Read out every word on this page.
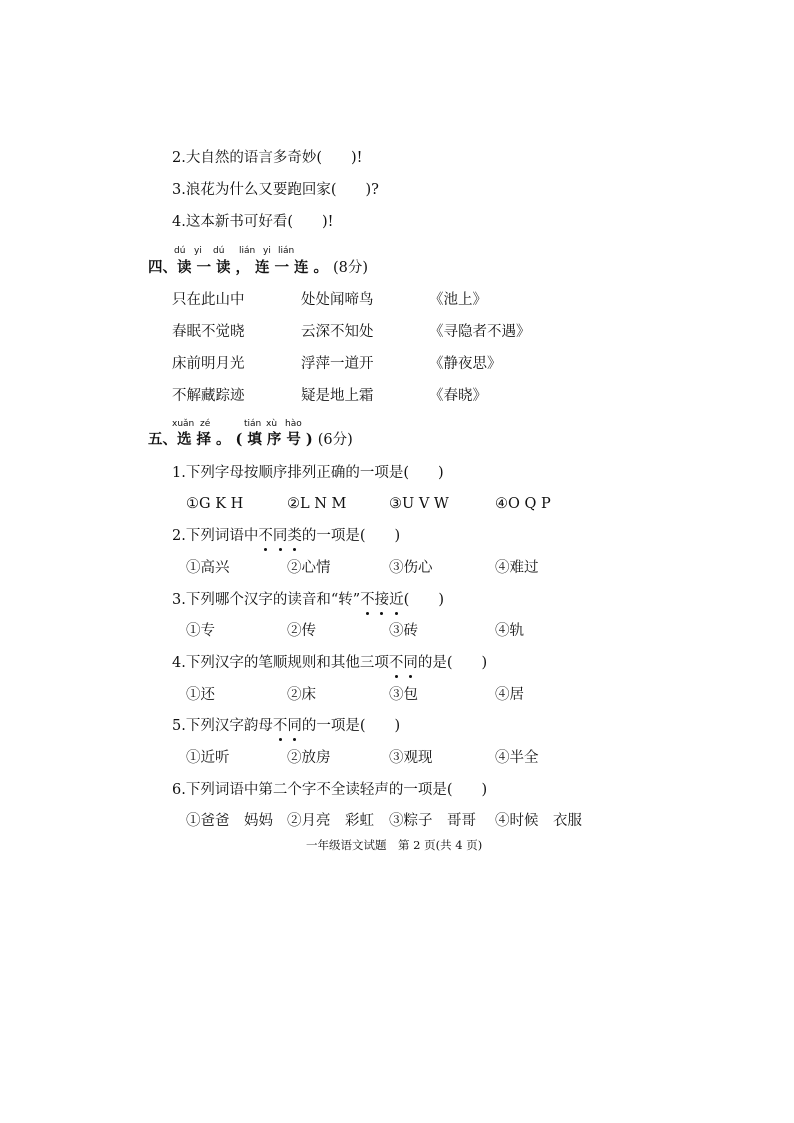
2.大自然的语言多奇妙(　　)!
3.浪花为什么又要跑回家(　　)?
4.这本新书可好看(　　)!
dú yi dú lián yi lián
四、读一读，连一连。(8分)
只在此山中	处处闻啼鸟	《池上》
春眠不觉晓	云深不知处	《寻隐者不遇》
床前明月光	浮萍一道开	《静夜思》
不解藏踪迹	疑是地上霜	《春晓》
xuǎn zé	tián xù hào
五、选择。(填序号)(6分)
1.下列字母按顺序排列正确的一项是(　　)
①G K H	②L N M	③U V W	④O Q P
2.下列词语中不同类的一项是(　　)
①高兴	②心情	③伤心	④难过
3.下列哪个汉字的读音和“转”不接近(　　)
①专	②传	③砖	④轨
4.下列汉字的笔顺规则和其他三项不同的是(　　)
①还	②床	③包	④居
5.下列汉字韵母不同的一项是(　　)
①近听	②放房	③观现	④半全
6.下列词语中第二个字不全读轻声的一项是(　　)
①爸爸　妈妈 ②月亮　彩虹 ③粽子　哥哥 ④时候　衣服
一年级语文试题　第 2 页(共 4 页)
